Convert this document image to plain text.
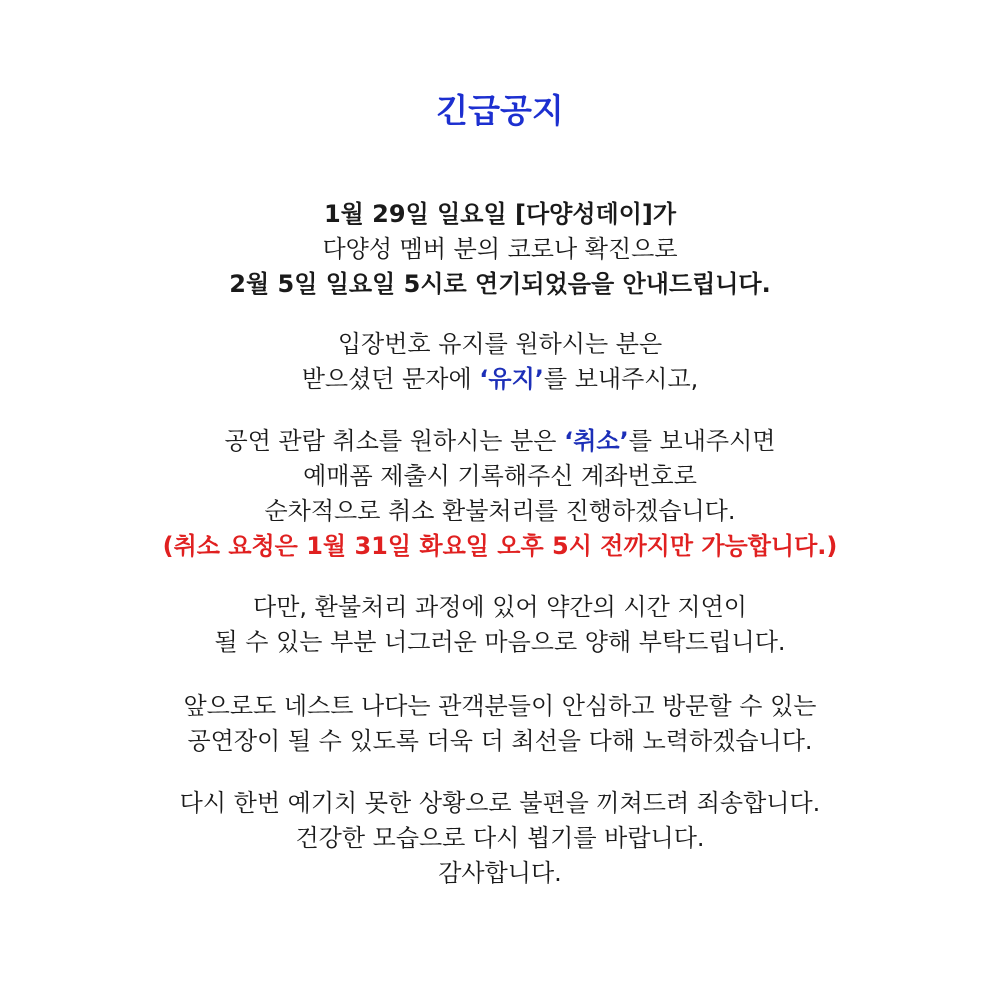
긴급공지
1월 29일 일요일 [다양성데이]가
다양성 멤버 분의 코로나 확진으로
2월 5일 일요일 5시로 연기되었음을 안내드립니다.
입장번호 유지를 원하시는 분은
받으셨던 문자에 ‘유지’를 보내주시고,
공연 관람 취소를 원하시는 분은 ‘취소’를 보내주시면
예매폼 제출시 기록해주신 계좌번호로
순차적으로 취소 환불처리를 진행하겠습니다.
(취소 요청은 1월 31일 화요일 오후 5시 전까지만 가능합니다.)
다만, 환불처리 과정에 있어 약간의 시간 지연이
될 수 있는 부분 너그러운 마음으로 양해 부탁드립니다.
앞으로도 네스트 나다는 관객분들이 안심하고 방문할 수 있는
공연장이 될 수 있도록 더욱 더 최선을 다해 노력하겠습니다.
다시 한번 예기치 못한 상황으로 불편을 끼쳐드려 죄송합니다.
건강한 모습으로 다시 뵙기를 바랍니다.
감사합니다.
